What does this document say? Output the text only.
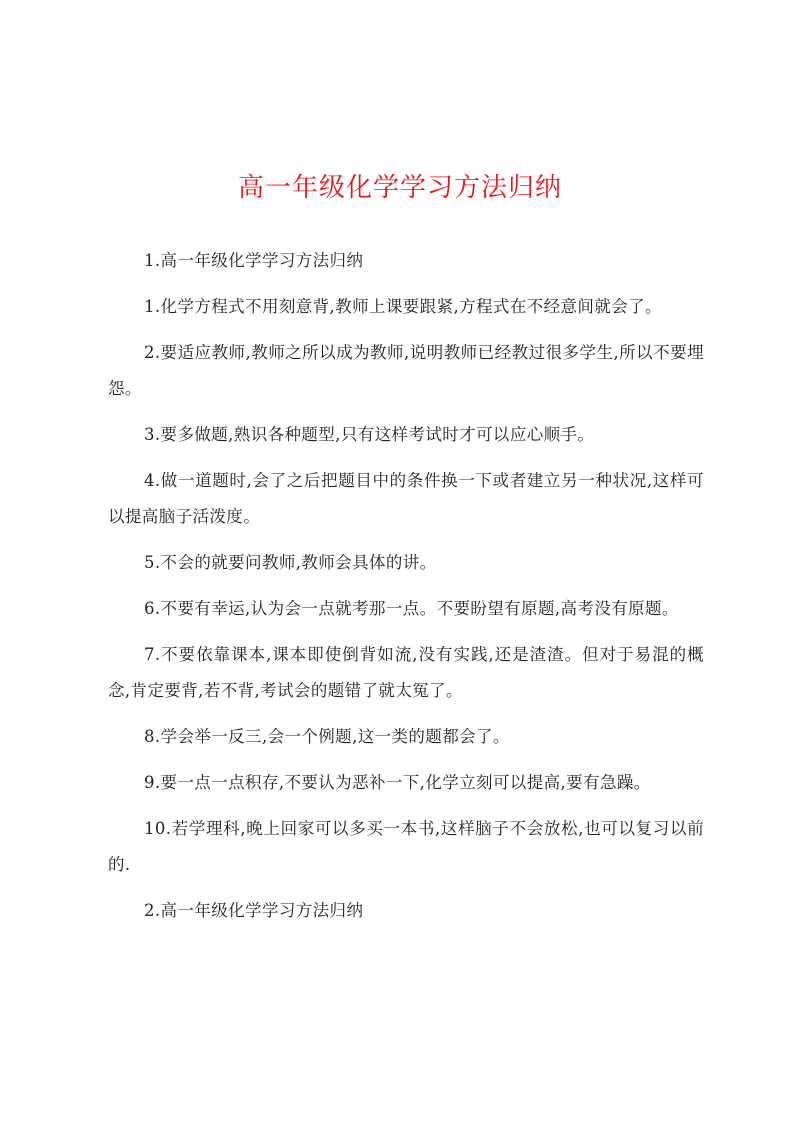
高一年级化学学习方法归纳

1.高一年级化学学习方法归纳

1.化学方程式不用刻意背,教师上课要跟紧,方程式在不经意间就会了。

2.要适应教师,教师之所以成为教师,说明教师已经教过很多学生,所以不要埋怨。

3.要多做题,熟识各种题型,只有这样考试时才可以应心顺手。

4.做一道题时,会了之后把题目中的条件换一下或者建立另一种状况,这样可以提高脑子活泼度。

5.不会的就要问教师,教师会具体的讲。

6.不要有幸运,认为会一点就考那一点。不要盼望有原题,高考没有原题。

7.不要依靠课本,课本即使倒背如流,没有实践,还是渣渣。但对于易混的概念,肯定要背,若不背,考试会的题错了就太冤了。

8.学会举一反三,会一个例题,这一类的题都会了。

9.要一点一点积存,不要认为恶补一下,化学立刻可以提高,要有急躁。

10.若学理科,晚上回家可以多买一本书,这样脑子不会放松,也可以复习以前的.

2.高一年级化学学习方法归纳
